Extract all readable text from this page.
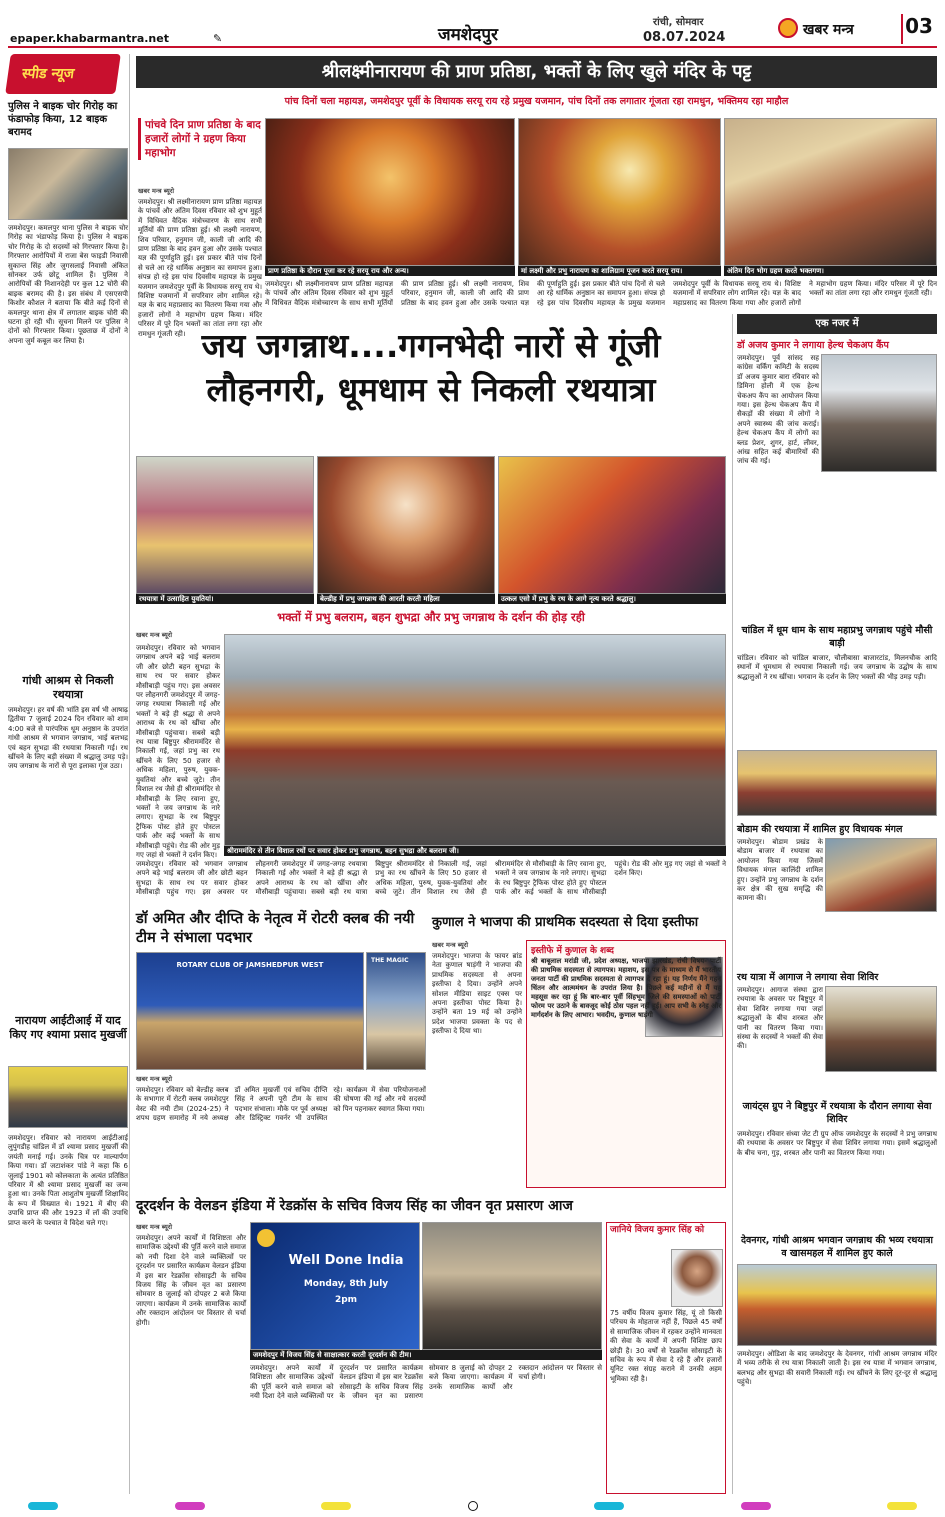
epaper.khabarmantra.net	✎	जमशेदपुर
रांची, सोमवार
08.07.2024	खबर मन्त्र	03
स्पीड न्यूज
पुलिस ने बाइक चोर गिरोह का फंडाफोड़ किया, 12 बाइक बरामद
जमशेदपुर। कमलपुर थाना पुलिस ने बाइक चोर गिरोह का भंडाफोड़ किया है। पुलिस ने बाइक चोर गिरोह के दो सदस्यों को गिरफ्तार किया है। गिरफ्तार आरोपियों में राजा बेस फाइडी निवासी सुकान्त सिंह और जुगसलाई निवासी अंकित सोनकर उर्फ छोटू शामिल हैं। पुलिस ने आरोपियों की निशानदेही पर कुल 12 चोरी की बाइक बरामद की है। इस संबंध में एसएसपी किशोर कौशल ने बताया कि बीते कई दिनों से कमलपुर थाना क्षेत्र में लगातार बाइक चोरी की घटना हो रही थी। सूचना मिलने पर पुलिस ने दोनों को गिरफ्तार किया। पूछताछ में दोनों ने अपना जुर्म कबूल कर लिया है।
गांधी आश्रम से निकली रथयात्रा
जमशेदपुर। हर वर्ष की भांति इस वर्ष भी आषाढ़ द्वितीया 7 जुलाई 2024 दिन रविवार को शाम 4:00 बजे से पारंपरिक धूम अनुष्ठान के उपरांत गांधी आश्रम से भगवान जगन्नाथ, भाई बलभद्र एवं बहन सुभद्रा की रथयात्रा निकाली गई। रथ खींचने के लिए बड़ी संख्या में श्रद्धालु उमड़ पड़े। जय जगन्नाथ के नारों से पूरा इलाका गूंज उठा।
नारायण आईटीआई में याद किए गए श्यामा प्रसाद मुखर्जी
जमशेदपुर। रविवार को नारायण आईटीआई लुपुंगडीह चांडिल में डॉ श्यामा प्रसाद मुखर्जी की जयंती मनाई गई। उनके चित्र पर माल्यार्पण किया गया। डॉ जटाशंकर पांडे ने कहा कि 6 जुलाई 1901 को कोलकाता के अत्यंत प्रतिष्ठित परिवार में श्री श्यामा प्रसाद मुखर्जी का जन्म हुआ था। उनके पिता आशुतोष मुखर्जी शिक्षाविद के रूप में विख्यात थे। 1921 में बीए की उपाधि प्राप्त की और 1923 में लॉ की उपाधि प्राप्त करने के पश्चात वे विदेश चले गए।
श्रीलक्ष्मीनारायण की प्राण प्रतिष्ठा, भक्तों के लिए खुले मंदिर के पट्ट
पांच दिनों चला महायज्ञ, जमशेदपुर पूर्वी के विधायक सरयू राय रहे प्रमुख यजमान, पांच दिनों तक लगातार गूंजता रहा रामधुन, भक्तिमय रहा माहौल
पांचवे दिन प्राण प्रतिष्ठा के बाद हजारों लोगों ने ग्रहण किया महाभोग
खबर मन्त्र ब्यूरो
जमशेदपुर। श्री लक्ष्मीनारायण प्राण प्रतिष्ठा महायज्ञ के पांचवें और अंतिम दिवस रविवार को शुभ मुहूर्त में विधिवत वैदिक मंत्रोच्चारण के साथ सभी मूर्तियों की प्राण प्रतिष्ठा हुई। श्री लक्ष्मी नारायण, शिव परिवार, हनुमान जी, काली जी आदि की प्राण प्रतिष्ठा के बाद हवन हुआ और उसके पश्चात यज्ञ की पूर्णाहुति हुई। इस प्रकार बीते पांच दिनों से चले आ रहे धार्मिक अनुष्ठान का समापन हुआ। संपन्न हो रहे इस पांच दिवसीय महायज्ञ के प्रमुख यजमान जमशेदपुर पूर्वी के विधायक सरयू राय थे। विशिष्ट यजमानों में सपरिवार लोग शामिल रहे। यज्ञ के बाद महाप्रसाद का वितरण किया गया और हजारों लोगों ने महाभोग ग्रहण किया। मंदिर परिसर में पूरे दिन भक्तों का तांता लगा रहा और रामधुन गूंजती रही।
प्राण प्रतिष्ठा के दौरान पूजा कर रहे सरयू राय और अन्य।	मां लक्ष्मी और प्रभु नारायण का शालिग्राम पूजन करते सरयू राय।	अंतिम दिन भोग ग्रहण करते भक्तगण।
जमशेदपुर। श्री लक्ष्मीनारायण प्राण प्रतिष्ठा महायज्ञ के पांचवें और अंतिम दिवस रविवार को शुभ मुहूर्त में विधिवत वैदिक मंत्रोच्चारण के साथ सभी मूर्तियों की प्राण प्रतिष्ठा हुई। श्री लक्ष्मी नारायण, शिव परिवार, हनुमान जी, काली जी आदि की प्राण प्रतिष्ठा के बाद हवन हुआ और उसके पश्चात यज्ञ की पूर्णाहुति हुई। इस प्रकार बीते पांच दिनों से चले आ रहे धार्मिक अनुष्ठान का समापन हुआ। संपन्न हो रहे इस पांच दिवसीय महायज्ञ के प्रमुख यजमान जमशेदपुर पूर्वी के विधायक सरयू राय थे। विशिष्ट यजमानों में सपरिवार लोग शामिल रहे। यज्ञ के बाद महाप्रसाद का वितरण किया गया और हजारों लोगों ने महाभोग ग्रहण किया। मंदिर परिसर में पूरे दिन भक्तों का तांता लगा रहा और रामधुन गूंजती रही।
जय जगन्नाथ....गगनभेदी नारों से गूंजी
लौहनगरी, धूमधाम से निकली रथयात्रा
रथयात्रा में उत्साहित युवतियां।	बेल्डीह में प्रभु जगन्नाथ की आरती करती महिला	उत्कल एसो में प्रभु के रथ के आगे नृत्य करते श्रद्धालु।
भक्तों में प्रभु बलराम, बहन शुभद्रा और प्रभु जगन्नाथ के दर्शन की होड़ रही
खबर मन्त्र ब्यूरो
जमशेदपुर। रविवार को भगवान जगन्नाथ अपने बड़े भाई बलराम जी और छोटी बहन सुभद्रा के साथ रथ पर सवार होकर मौसीबाड़ी पहुंच गए। इस अवसर पर लौहनगरी जमशेदपुर में जगह-जगह रथयात्रा निकाली गई और भक्तों ने बड़े ही श्रद्धा से अपने आराध्य के रथ को खींचा और मौसीबाड़ी पहुंचाया। सबसे बड़ी रथ यात्रा बिष्टुपुर श्रीराममंदिर से निकाली गई, जहां प्रभु का रथ खींचने के लिए 50 हजार से अधिक महिला, पुरुष, युवक-युवतियां और बच्चे जुटे। तीन विशाल रथ जैसे ही श्रीराममंदिर से मौसीबाड़ी के लिए रवाना हुए, भक्तों ने जय जगन्नाथ के नारे लगाए। सुभद्रा के रथ बिष्टुपुर ट्रैफिक पोस्ट होते हुए पोस्टल पार्क और कई भक्तों के साथ मौसीबाड़ी पहुंचे। रोड की ओर मुड़ गए जहां से भक्तों ने दर्शन किए।	श्रीराममंदिर से तीन विशाल रथों पर सवार होकर प्रभु जगन्नाथ, बहन सुभद्रा और बलराम जी।
जमशेदपुर। रविवार को भगवान जगन्नाथ अपने बड़े भाई बलराम जी और छोटी बहन सुभद्रा के साथ रथ पर सवार होकर मौसीबाड़ी पहुंच गए। इस अवसर पर लौहनगरी जमशेदपुर में जगह-जगह रथयात्रा निकाली गई और भक्तों ने बड़े ही श्रद्धा से अपने आराध्य के रथ को खींचा और मौसीबाड़ी पहुंचाया। सबसे बड़ी रथ यात्रा बिष्टुपुर श्रीराममंदिर से निकाली गई, जहां प्रभु का रथ खींचने के लिए 50 हजार से अधिक महिला, पुरुष, युवक-युवतियां और बच्चे जुटे। तीन विशाल रथ जैसे ही श्रीराममंदिर से मौसीबाड़ी के लिए रवाना हुए, भक्तों ने जय जगन्नाथ के नारे लगाए। सुभद्रा के रथ बिष्टुपुर ट्रैफिक पोस्ट होते हुए पोस्टल पार्क और कई भक्तों के साथ मौसीबाड़ी पहुंचे। रोड की ओर मुड़ गए जहां से भक्तों ने दर्शन किए।
डॉ अमित और दीप्ति के नेतृत्व में रोटरी क्लब की नयी टीम ने संभाला पदभार
ROTARY CLUB OF JAMSHEDPUR WEST
THE MAGIC
खबर मन्त्र ब्यूरो
जमशेदपुर। रविवार को बेल्डीह क्लब के सभागार में रोटरी क्लब जमशेदपुर वेस्ट की नयी टीम (2024-25) ने शपथ ग्रहण समारोह में नये अध्यक्ष डॉ अमित मुखर्जी एवं सचिव दीप्ति सिंह ने अपनी पूरी टीम के साथ पदभार संभाला। मौके पर पूर्व अध्यक्ष और डिस्ट्रिक्ट गवर्नर भी उपस्थित रहे। कार्यक्रम में सेवा परियोजनाओं की घोषणा की गई और नये सदस्यों को पिन पहनाकर स्वागत किया गया।
कुणाल ने भाजपा की प्राथमिक सदस्यता से दिया इस्तीफा
खबर मन्त्र ब्यूरो
जमशेदपुर। भाजपा के फायर ब्रांड नेता कुणाल षाड़ंगी ने भाजपा की प्राथमिक सदस्यता से अपना इस्तीफा दे दिया। उन्होंने अपने सोशल मीडिया साइट एक्स पर अपना इस्तीफा पोस्ट किया है। उन्होंने बता 19 मई को उन्होंने प्रदेश भाजपा प्रवक्ता के पद से इस्तीफा दे दिया था।
इस्तीफे में कुणाल के शब्द
श्री बाबूलाल मरांडी जी, प्रदेश अध्यक्ष, भाजपा झारखंड, रांची विषय- पार्टी की प्राथमिक सदस्यता से त्यागपत्र। महाशय, इस पत्र के माध्यम से मैं भारतीय जनता पार्टी की प्राथमिक सदस्यता से त्यागपत्र दे रहा हूं। यह निर्णय मैंने गहन चिंतन और आत्ममंथन के उपरांत लिया है। पिछले कई महीनों से मैं यह महसूस कर रहा हूं कि बार-बार पूर्वी सिंहभूम जिले की समस्याओं को पार्टी फोरम पर उठाने के बावजूद कोई ठोस पहल नहीं हुई। आप सभी के स्नेह और मार्गदर्शन के लिए आभार। भवदीय, कुणाल षाड़ंगी
दूरदर्शन के वेलडन इंडिया में रेडक्रॉस के सचिव विजय सिंह का जीवन वृत प्रसारण आज
खबर मन्त्र ब्यूरो
जमशेदपुर। अपने कार्यों में विशिष्टता और सामाजिक उद्देश्यों की पूर्ति करने वाले समाज को नयी दिशा देने वाले व्यक्तित्वों पर दूरदर्शन पर प्रसारित कार्यक्रम वेलडन इंडिया में इस बार रेडक्रॉस सोसाइटी के सचिव विजय सिंह के जीवन वृत का प्रसारण सोमवार 8 जुलाई को दोपहर 2 बजे किया जाएगा। कार्यक्रम में उनके सामाजिक कार्यों और रक्तदान आंदोलन पर विस्तार से चर्चा होगी।
Well Done India
Monday, 8th July
2pm
जमशेदपुर में विजय सिंह से साक्षात्कार करती दूरदर्शन की टीम।
जानिये विजय कुमार सिंह को
75 वर्षीय विजय कुमार सिंह, यूं तो किसी परिचय के मोहताज नहीं हैं, पिछले 45 वर्षों से सामाजिक जीवन में रहकर उन्होंने मानवता की सेवा के कार्यों में अपनी विशिष्ट छाप छोड़ी है। 30 वर्षों से रेडक्रॉस सोसाइटी के सचिव के रूप में सेवा दे रहे हैं और हजारों यूनिट रक्त संग्रह कराने में उनकी अहम भूमिका रही है।
जमशेदपुर। अपने कार्यों में विशिष्टता और सामाजिक उद्देश्यों की पूर्ति करने वाले समाज को नयी दिशा देने वाले व्यक्तित्वों पर दूरदर्शन पर प्रसारित कार्यक्रम वेलडन इंडिया में इस बार रेडक्रॉस सोसाइटी के सचिव विजय सिंह के जीवन वृत का प्रसारण सोमवार 8 जुलाई को दोपहर 2 बजे किया जाएगा। कार्यक्रम में उनके सामाजिक कार्यों और रक्तदान आंदोलन पर विस्तार से चर्चा होगी।
एक नजर में
डॉ अजय कुमार ने लगाया हेल्थ चेकअप कैंप
जमशेदपुर। पूर्व सांसद सह कांग्रेस वर्किंग कमिटी के सदस्य डॉ अजय कुमार बारा रविवार को डिमिना होली में एक हेल्थ चेकअप कैंप का आयोजन किया गया। इस हेल्थ चेकअप कैंप में सैकड़ों की संख्या में लोगों ने अपने स्वास्थ्य की जांच कराई। हेल्थ चेकअप कैंप में लोगों का ब्लड प्रेशर, शुगर, हार्ट, लीवर, आंख सहित कई बीमारियों की जांच की गई।
चांडिल में धूम धाम के साथ महाप्रभु जगन्नाथ पहुंचे मौसी बाड़ी
चांडिल। रविवार को चांडिल बाजार, चौलीबासा बाजारटांड, मिलनचौक आदि स्थानों में धूमधाम से रथयात्रा निकाली गई। जय जगन्नाथ के उद्घोष के साथ श्रद्धालुओं ने रथ खींचा। भगवान के दर्शन के लिए भक्तों की भीड़ उमड़ पड़ी।
बोडाम की रथयात्रा में शामिल हुए विधायक मंगल
जमशेदपुर। बोडाम प्रखंड के बोडाम बाजार में रथयात्रा का आयोजन किया गया जिसमें विधायक मंगल कालिंदी शामिल हुए। उन्होंने प्रभु जगन्नाथ के दर्शन कर क्षेत्र की सुख समृद्धि की कामना की।
रथ यात्रा में आगाज ने लगाया सेवा शिविर
जमशेदपुर। आगाज संस्था द्वारा रथयात्रा के अवसर पर बिष्टुपुर में सेवा शिविर लगाया गया जहां श्रद्धालुओं के बीच शरबत और पानी का वितरण किया गया। संस्था के सदस्यों ने भक्तों की सेवा की।
जायंट्स ग्रुप ने बिष्टुपुर में रथयात्रा के दौरान लगाया सेवा शिविर
जमशेदपुर। रविवार संध्या जेट टी ग्रुप ऑफ जमशेदपुर के सदस्यों ने प्रभु जगन्नाथ की रथयात्रा के अवसर पर बिष्टुपुर में सेवा शिविर लगाया गया। इसमें श्रद्धालुओं के बीच चना, गुड़, शरबत और पानी का वितरण किया गया।
देवनगर, गांधी आश्रम भगवान जगन्नाथ की भव्य रथयात्रा व खासमहल में शामिल हुए काले
जमशेदपुर। ओडिशा के बाद जमशेदपुर के देवनगर, गांधी आश्रम जगन्नाथ मंदिर में भव्य तरीके से रथ यात्रा निकाली जाती है। इस रथ यात्रा में भगवान जगन्नाथ, बलभद्र और सुभद्रा की सवारी निकाली गई। रथ खींचने के लिए दूर-दूर से श्रद्धालु पहुंचे।
